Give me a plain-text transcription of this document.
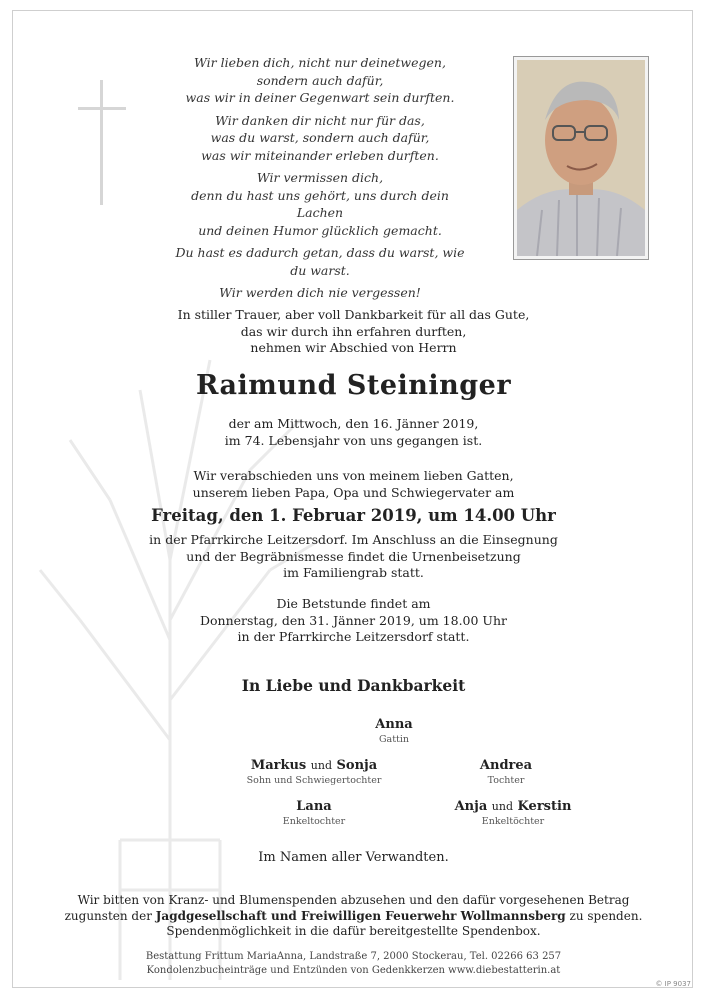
Wir lieben dich, nicht nur deinetwegen,
sondern auch dafür,
was wir in deiner Gegenwart sein durften.

Wir danken dir nicht nur für das,
was du warst, sondern auch dafür,
was wir miteinander erleben durften.

Wir vermissen dich,
denn du hast uns gehört, uns durch dein Lachen
und deinen Humor glücklich gemacht.

Du hast es dadurch getan, dass du warst, wie du warst.

Wir werden dich nie vergessen!

In stiller Trauer, aber voll Dankbarkeit für all das Gute,
das wir durch ihn erfahren durften,
nehmen wir Abschied von Herrn
Raimund Steininger
der am Mittwoch, den 16. Jänner 2019,
im 74. Lebensjahr von uns gegangen ist.
Wir verabschieden uns von meinem lieben Gatten,
unserem lieben Papa, Opa und Schwiegervater am
Freitag, den 1. Februar 2019, um 14.00 Uhr
in der Pfarrkirche Leitzersdorf. Im Anschluss an die Einsegnung
und der Begräbnismesse findet die Urnenbeisetzung
im Familiengrab statt.
Die Betstunde findet am
Donnerstag, den 31. Jänner 2019, um 18.00 Uhr
in der Pfarrkirche Leitzersdorf statt.
In Liebe und Dankbarkeit
Anna
Gattin
Markus und Sonja
Sohn und Schwiegertochter
Andrea
Tochter
Lana
Enkeltochter
Anja und Kerstin
Enkeltöchter
Im Namen aller Verwandten.
Wir bitten von Kranz- und Blumenspenden abzusehen und den dafür vorgesehenen Betrag
zugunsten der Jagdgesellschaft und Freiwilligen Feuerwehr Wollmannsberg zu spenden.
Spendenmöglichkeit in die dafür bereitgestellte Spendenbox.
Bestattung Frittum MariaAnna, Landstraße 7, 2000 Stockerau, Tel. 02266 63 257
Kondolenzbucheinträge und Entzünden von Gedenkkerzen www.diebestatterin.at
© IP 9037
